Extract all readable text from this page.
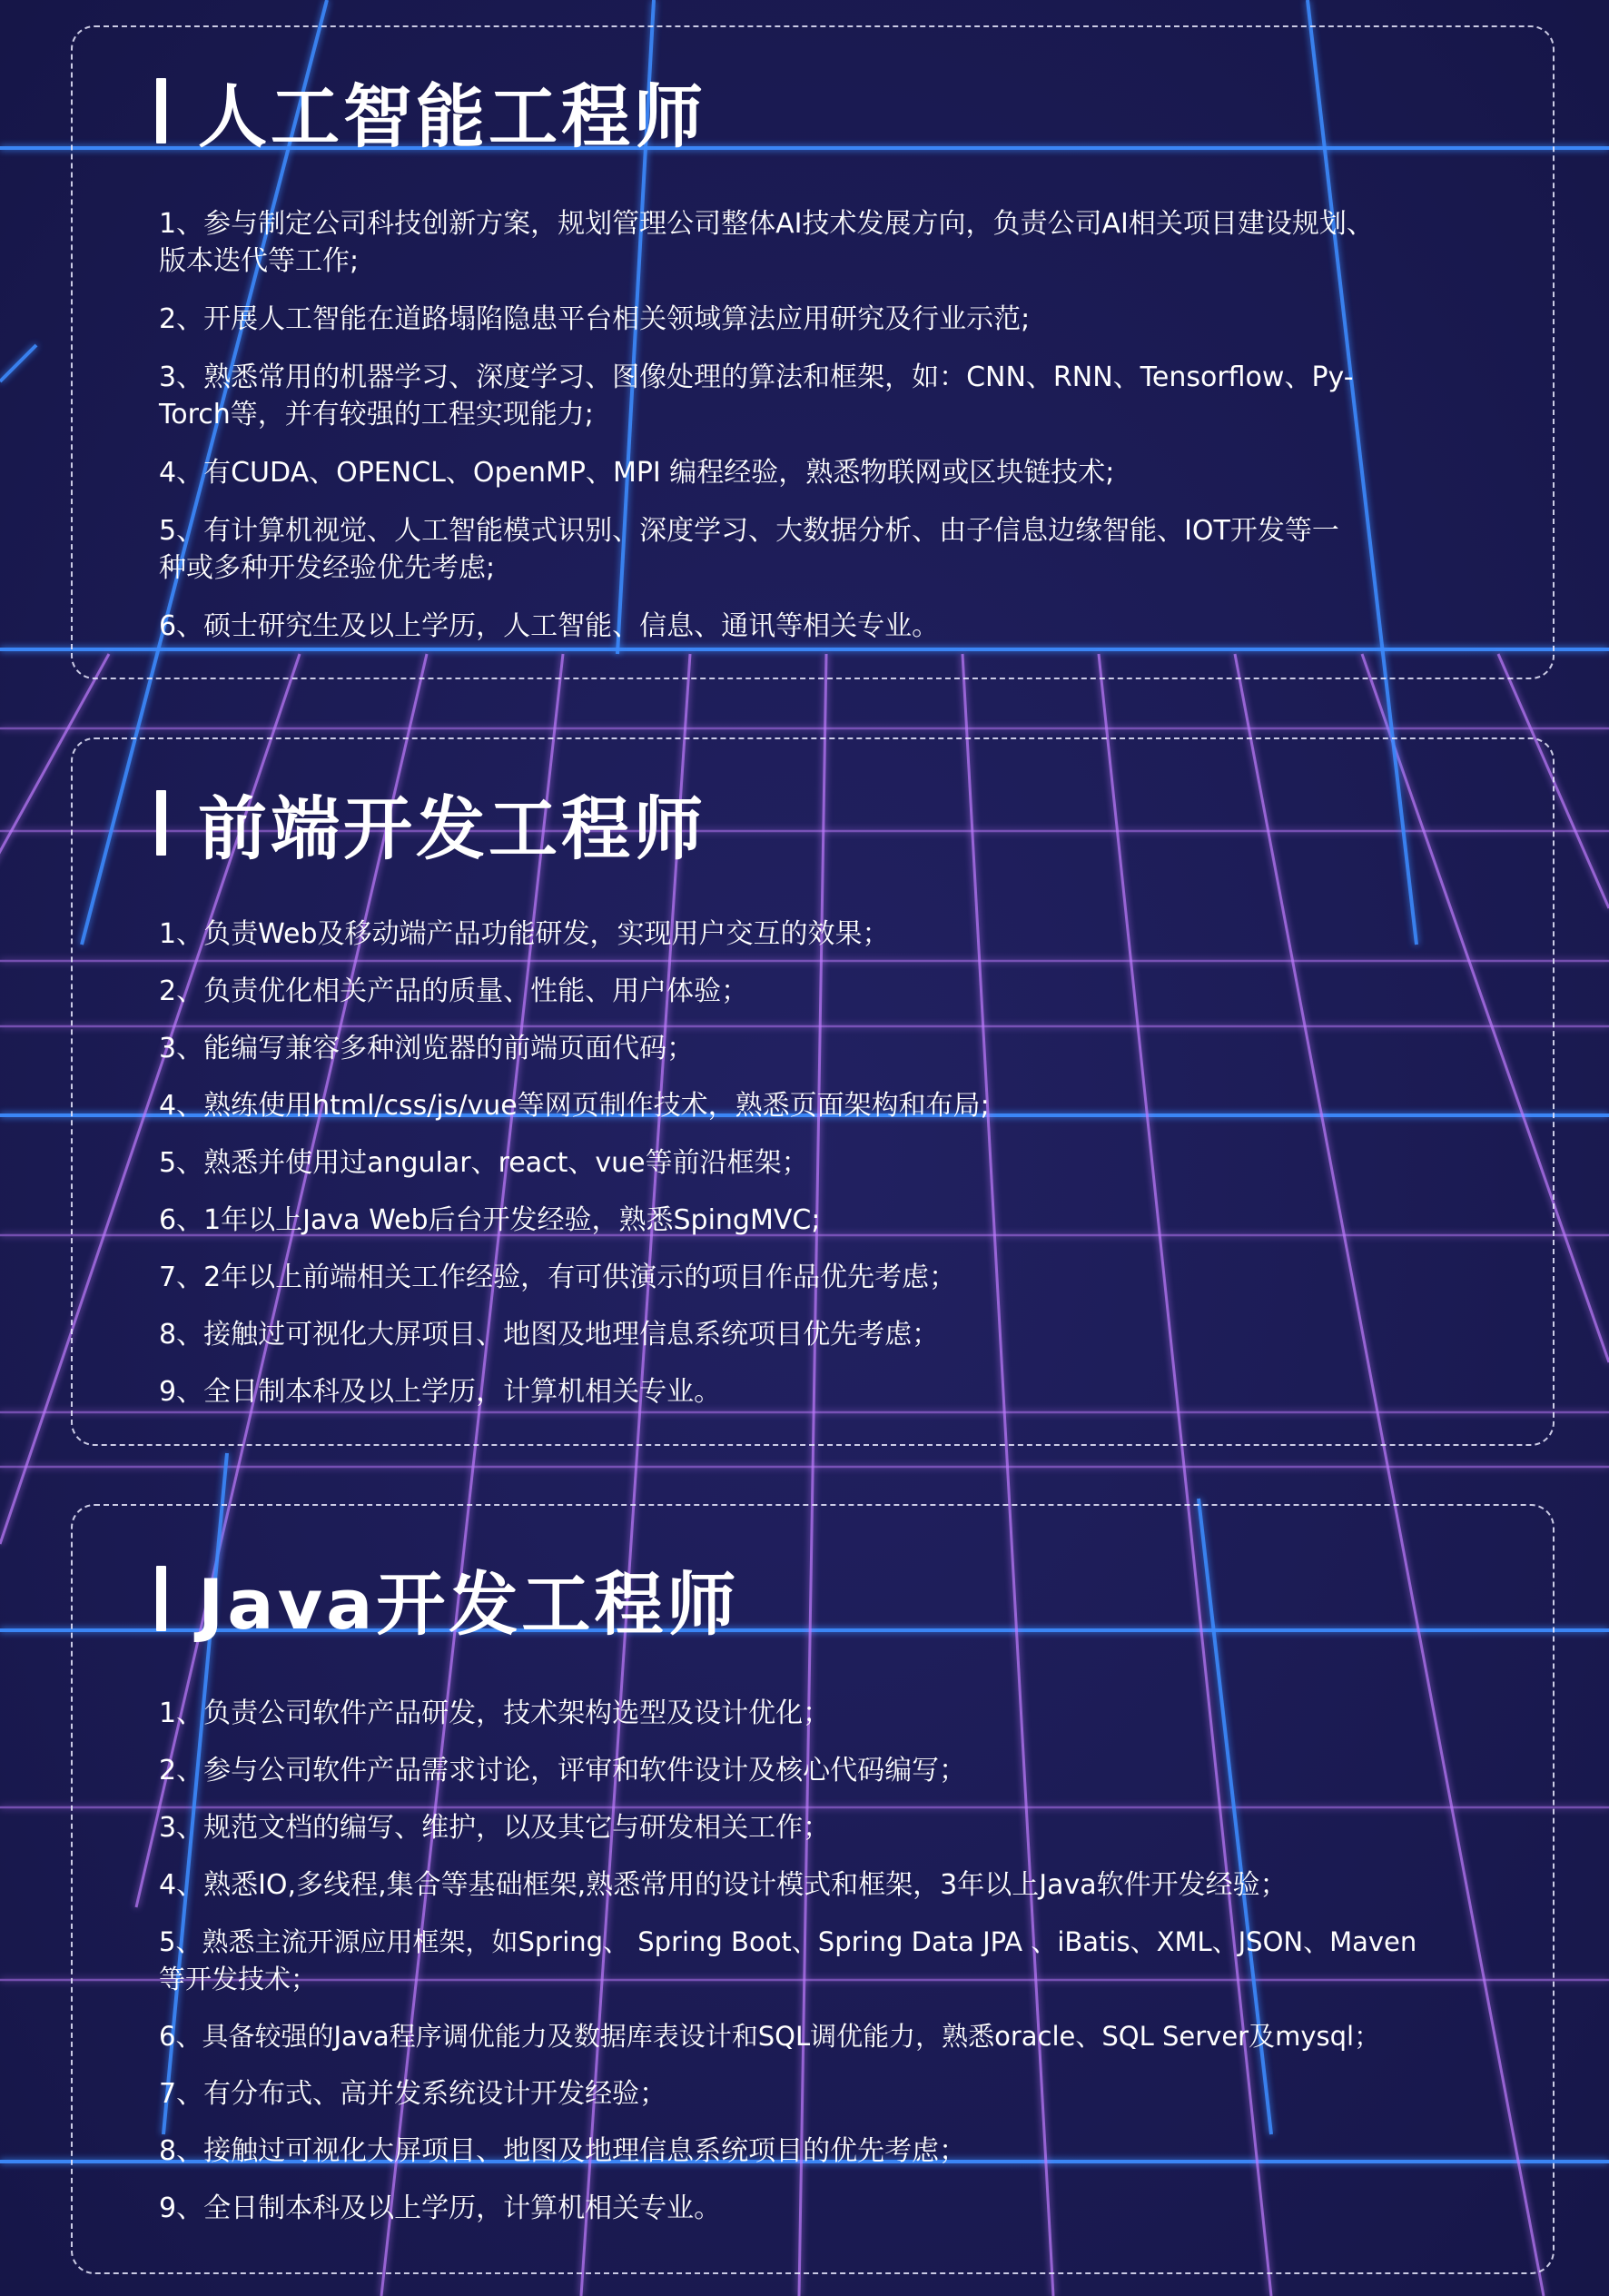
人工智能工程师
1、参与制定公司科技创新方案，规划管理公司整体AI技术发展方向，负责公司AI相关项目建设规划、
版本迭代等工作;
2、开展人工智能在道路塌陷隐患平台相关领域算法应用研究及行业示范;
3、熟悉常用的机器学习、深度学习、图像处理的算法和框架，如：CNN、RNN、Tensorflow、Py-
Torch等，并有较强的工程实现能力;
4、有CUDA、OPENCL、OpenMP、MPI 编程经验，熟悉物联网或区块链技术;
5、有计算机视觉、人工智能模式识别、深度学习、大数据分析、由子信息边缘智能、IOT开发等一
种或多种开发经验优先考虑;
6、硕士研究生及以上学历，人工智能、信息、通讯等相关专业。
前端开发工程师
1、负责Web及移动端产品功能研发，实现用户交互的效果；
2、负责优化相关产品的质量、性能、用户体验；
3、能编写兼容多种浏览器的前端页面代码；
4、熟练使用html/css/js/vue等网页制作技术，熟悉页面架构和布局;
5、熟悉并使用过angular、react、vue等前沿框架；
6、1年以上Java Web后台开发经验，熟悉SpingMVC;
7、2年以上前端相关工作经验，有可供演示的项目作品优先考虑；
8、接触过可视化大屏项目、地图及地理信息系统项目优先考虑；
9、全日制本科及以上学历，计算机相关专业。
Java开发工程师
1、负责公司软件产品研发，技术架构选型及设计优化；
2、参与公司软件产品需求讨论，评审和软件设计及核心代码编写；
3、规范文档的编写、维护，以及其它与研发相关工作；
4、熟悉IO,多线程,集合等基础框架,熟悉常用的设计模式和框架，3年以上Java软件开发经验；
5、熟悉主流开源应用框架，如Spring、 Spring Boot、Spring Data JPA 、iBatis、XML、JSON、Maven
等开发技术；
6、具备较强的Java程序调优能力及数据库表设计和SQL调优能力，熟悉oracle、SQL Server及mysql；
7、有分布式、高并发系统设计开发经验；
8、接触过可视化大屏项目、地图及地理信息系统项目的优先考虑；
9、全日制本科及以上学历，计算机相关专业。
